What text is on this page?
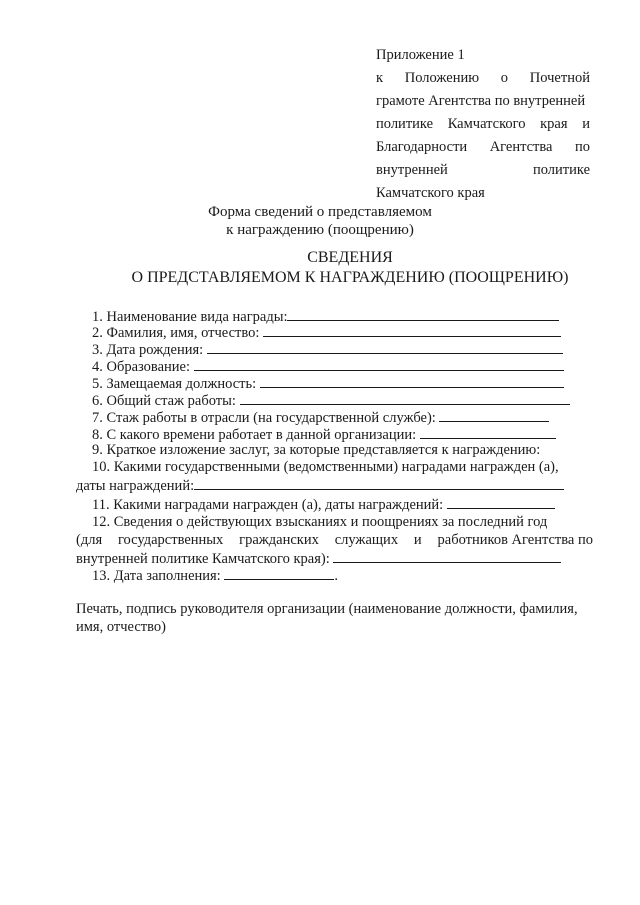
Приложение 1
к Положению о Почетной
грамоте Агентства по внутренней
политике Камчатского края и
Благодарности Агентства по
внутренней	политике
Камчатского края
Форма сведений о представляемом
к награждению (поощрению)
СВЕДЕНИЯ
О ПРЕДСТАВЛЯЕМОМ К НАГРАЖДЕНИЮ (ПООЩРЕНИЮ)
1. Наименование вида награды:
2. Фамилия, имя, отчество:
3. Дата рождения:
4. Образование:
5. Замещаемая должность:
6. Общий стаж работы:
7. Стаж работы в отрасли (на государственной службе):
8. С какого времени работает в данной организации:
9. Краткое изложение заслуг, за которые представляется к награждению:
10. Какими государственными (ведомственными) наградами награжден (а),
даты награждений:
11. Какими наградами награжден (а), даты награждений:
12. Сведения о действующих взысканиях и поощрениях за последний год
(для государственных гражданских служащих и работников Агентства по
внутренней политике Камчатского края):
13. Дата заполнения:	.
Печать, подпись руководителя организации (наименование должности, фамилия,
имя, отчество)
